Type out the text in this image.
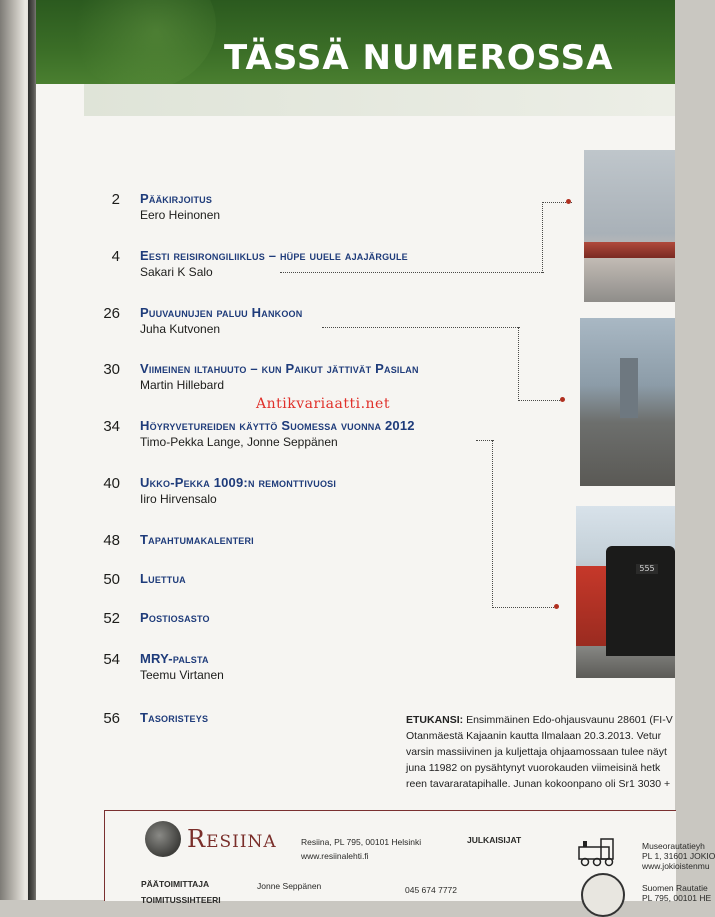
TÄSSÄ NUMEROSSA
2 Pääkirjoitus
Eero Heinonen
4 Eesti reisirongiliiklus – hüpe uuele ajajärgule
Sakari K Salo
26 Puuvaunujen paluu Hankoon
Juha Kutvonen
30 Viimeinen iltahuuto – kun Paikut jättivät Pasilan
Martin Hillebard
34 Höyryvetureiden käyttö Suomessa vuonna 2012
Timo-Pekka Lange, Jonne Seppänen
40 Ukko-Pekka 1009:n remonttivuosi
Iiro Hirvensalo
48 Tapahtumakalenteri
50 Luettua
52 Postiosasto
54 MRY-palsta
Teemu Virtanen
56 Tasoristeys
555
Antikvariaatti.net
ETUKANSI: Ensimmäinen Edo-ohjausvaunu 28601 (FI-V
Otanmäestä Kajaanin kautta Ilmalaan 20.3.2013. Vetur
varsin massiivinen ja kuljettaja ohjaamossaan tulee näyt
juna 11982 on pysähtynyt vuorokauden viimeisinä hetk
reen tavararatapihalle. Junan kokoonpano oli Sr1 3030 +
Resiina	Resiina, PL 795, 00101 Helsinki
www.resiinalehti.fi
JULKAISIJAT
Museorautatieyh
PL 1, 31601 JOKIO
www.jokioistenmu
Suomen Rautatie
PL 795, 00101 HE
PÄÄTOIMITTAJA	Jonne Seppänen	045 674 7772
TOIMITUSSIHTEERI
